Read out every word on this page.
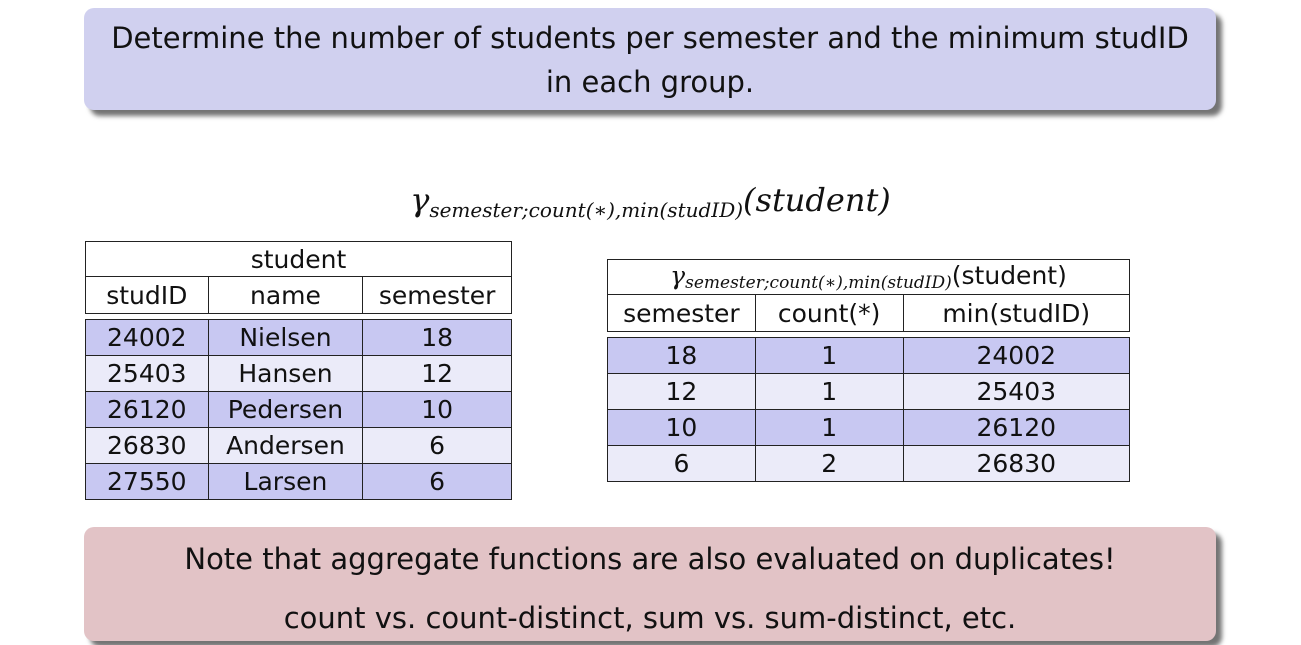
Determine the number of students per semester and the minimum studID
in each group.
$\gamma_{semester;count(∗),min(studID)}(student)$
student		
studID	name	semester

24002	Nielsen	18
25403	Hansen	12
26120	Pedersen	10
26830	Andersen	6
27550	Larsen	6
$\gamma_{semester;count(∗),min(studID)}(student)$		
semester	count(*)	min(studID)

18	1	24002
12	1	25403
10	1	26120
6	2	26830
Note that aggregate functions are also evaluated on duplicates!
count vs. count-distinct, sum vs. sum-distinct, etc.
